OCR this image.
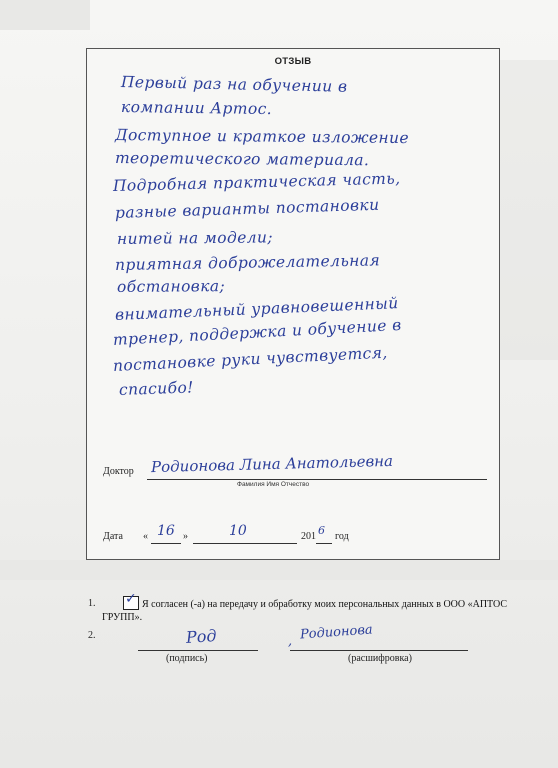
ОТЗЫВ
Первый раз на обучении в
компании Артос.
Доступное и краткое изложение
теоретического материала.
Подробная практическая часть,
разные варианты постановки
нитей на модели;
приятная доброжелательная
обстановка;
внимательный уравновешенный
тренер, поддержка и обучение в
постановке руки чувствуется,
спасибо!
Доктор Родионова Лина Анатольевна
Фамилия Имя Отчество
Дата « 16 »	10	201 6 год
1. ✓ Я согласен (-а) на передачу и обработку моих персональных данных в ООО «АПТОС ГРУПП».
2.	Род
(подпись)
Родионова
,
(расшифровка)
